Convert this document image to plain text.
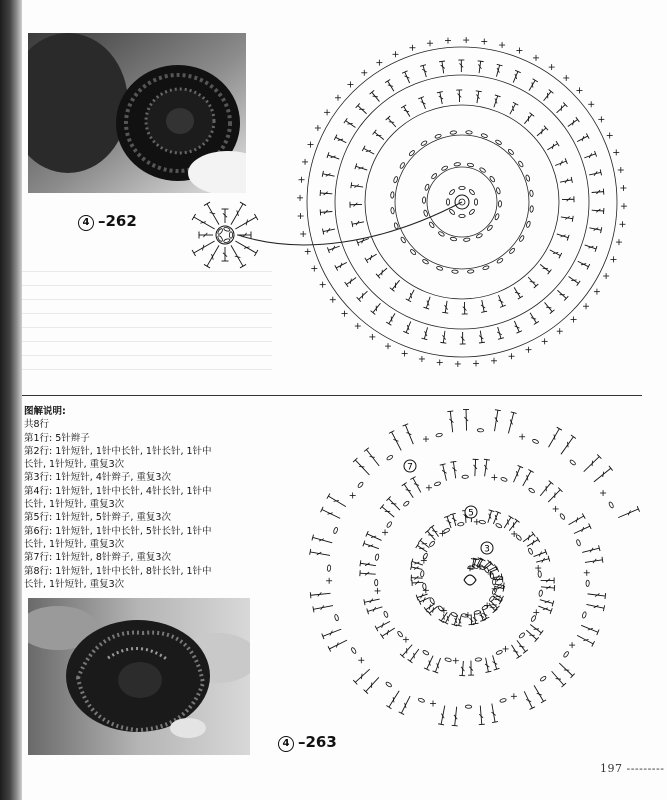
4 –262
图解说明:
共8行
第1行: 5针辫子
第2行: 1针短针, 1针中长针, 1针长针, 1针中
长针, 1针短针, 重复3次
第3行: 1针短针, 4针辫子, 重复3次
第4行: 1针短针, 1针中长针, 4针长针, 1针中
长针, 1针短针, 重复3次
第5行: 1针短针, 5针辫子, 重复3次
第6行: 1针短针, 1针中长针, 5针长针, 1针中
长针, 1针短针, 重复3次
第7行: 1针短针, 8针辫子, 重复3次
第8行: 1针短针, 1针中长针, 8针长针, 1针中
长针, 1针短针, 重复3次
4 –263
7
5
3
197 ---------
